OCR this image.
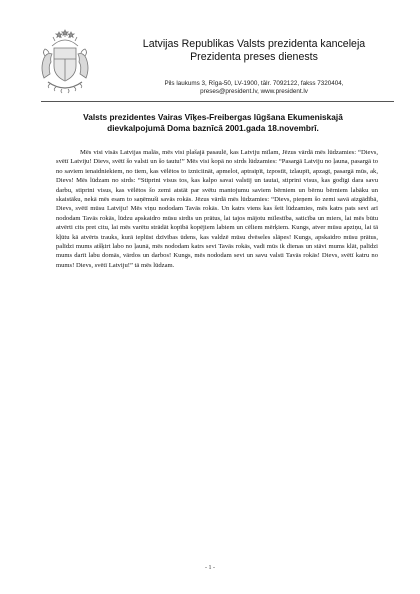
Latvijas Republikas Valsts prezidenta kanceleja

Prezidenta preses dienests

Pils laukums 3, Rīga-50, LV-1900, tālr. 7092122, fakss 7320404,
preses@president.lv, www.president.lv
Valsts prezidentes Vairas Vīķes-Freibergas lūgšana Ekumeniskajā
dievkalpojumā Doma baznīcā 2001.gada 18.novembrī.

Mēs visi visās Latvijas malās, mēs visi plašajā pasaulē, kas Latviju mīlam, Jēzus vārdā mēs lūdzamies: “Dievs, svētī Latviju! Dievs, svētī šo valsti un šo tautu!” Mēs visi kopā no sirds lūdzamies: “Pasargā Latviju no ļauna, pasargā to no saviem ienaidniekiem, no tiem, kas vēlētos to izniciināt, apmelot, aptraipīt, izpostīt, izlaupīt, apzagt, pasargā mūs, ak, Dievs! Mēs lūdzam no sirds: “Stiprini visus tos, kas kalpo savai valstij un tautai, stiprini visus, kas godīgi dara savu darbu, stiprini visus, kas vēlētos šo zemi atstāt par svētu mantojumu saviem bērniem un bērnu bērniem labāku un skaistāku, nekā mēs esam to saņēmuši savās rokās. Jēzus vārdā mēs lūdzamies: “Dievs, pieņem šo zemi savā aizgādībā, Dievs, svētī mūsu Latviju! Mēs viņu nododam Tavās rokās. Un katrs viens kas šeit lūdzamies, mēs katrs pats sevi arī nododam Tavās rokās, lūdzu apskaidro mūsu sirdis un prātus, lai tajos mājotu mīlestība, saticība un miers, lai mēs būtu atvērti cits pret citu, lai mēs varētu strādāt kopībā kopējiem labiem un cēliem mērķiem. Kungs, atver mūsu apziņu, lai tā kļūtu kā atvērts trauks, kurā ieplūst dzīvības ūdens, kas valdzē mūsu dvēseles slāpes! Kungs, apskaidro mūsu prātus, palīdzi mums atšķirt labo no ļaunā, mēs nododam katrs sevi Tavās rokās, vadi mūs ik dienas un stāvi mums klāt, palīdzi mums darīt labu domās, vārdos un darbos! Kungs, mēs nododam sevi un savu valsti Tavās rokās! Dievs, svētī katru no mums! Dievs, svētī Latviju!” tā mēs lūdzam.

- 1 -
